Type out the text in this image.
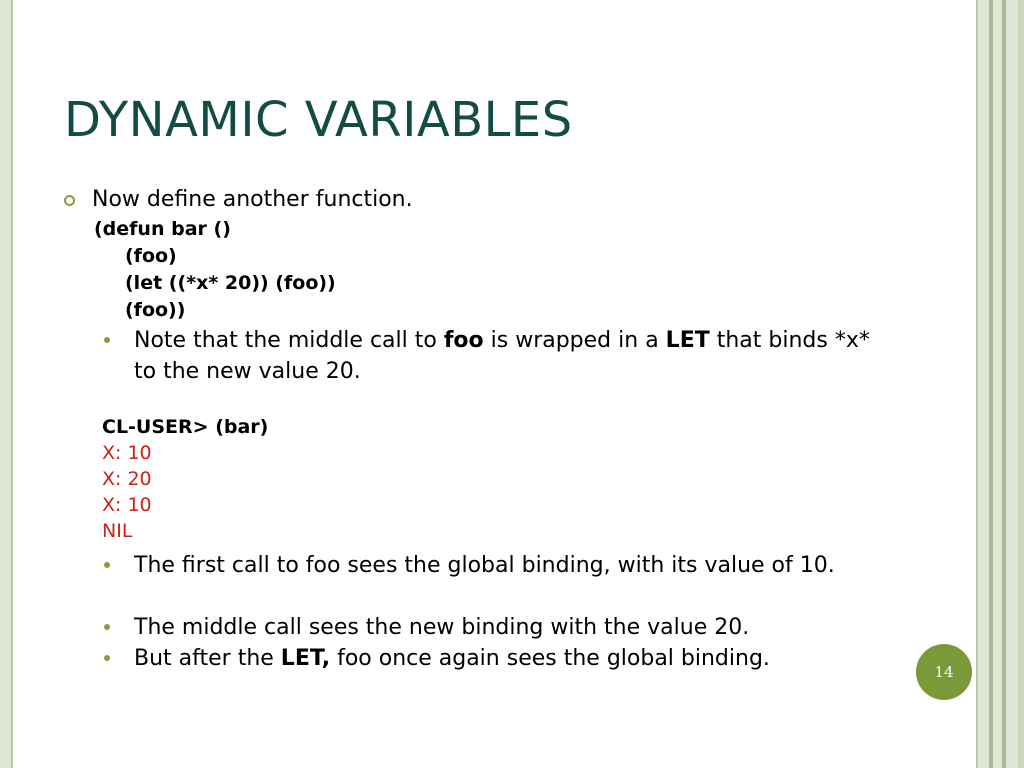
DYNAMIC VARIABLES
Now define another function.
(defun bar ()
(foo)
(let ((*x* 20)) (foo))
(foo))
Note that the middle call to foo is wrapped in a LET that binds *x* to the new value 20.
CL-USER> (bar)
X: 10
X: 20
X: 10
NIL
The first call to foo sees the global binding, with its value of 10.
The middle call sees the new binding with the value 20.
But after the LET, foo once again sees the global binding.
14
